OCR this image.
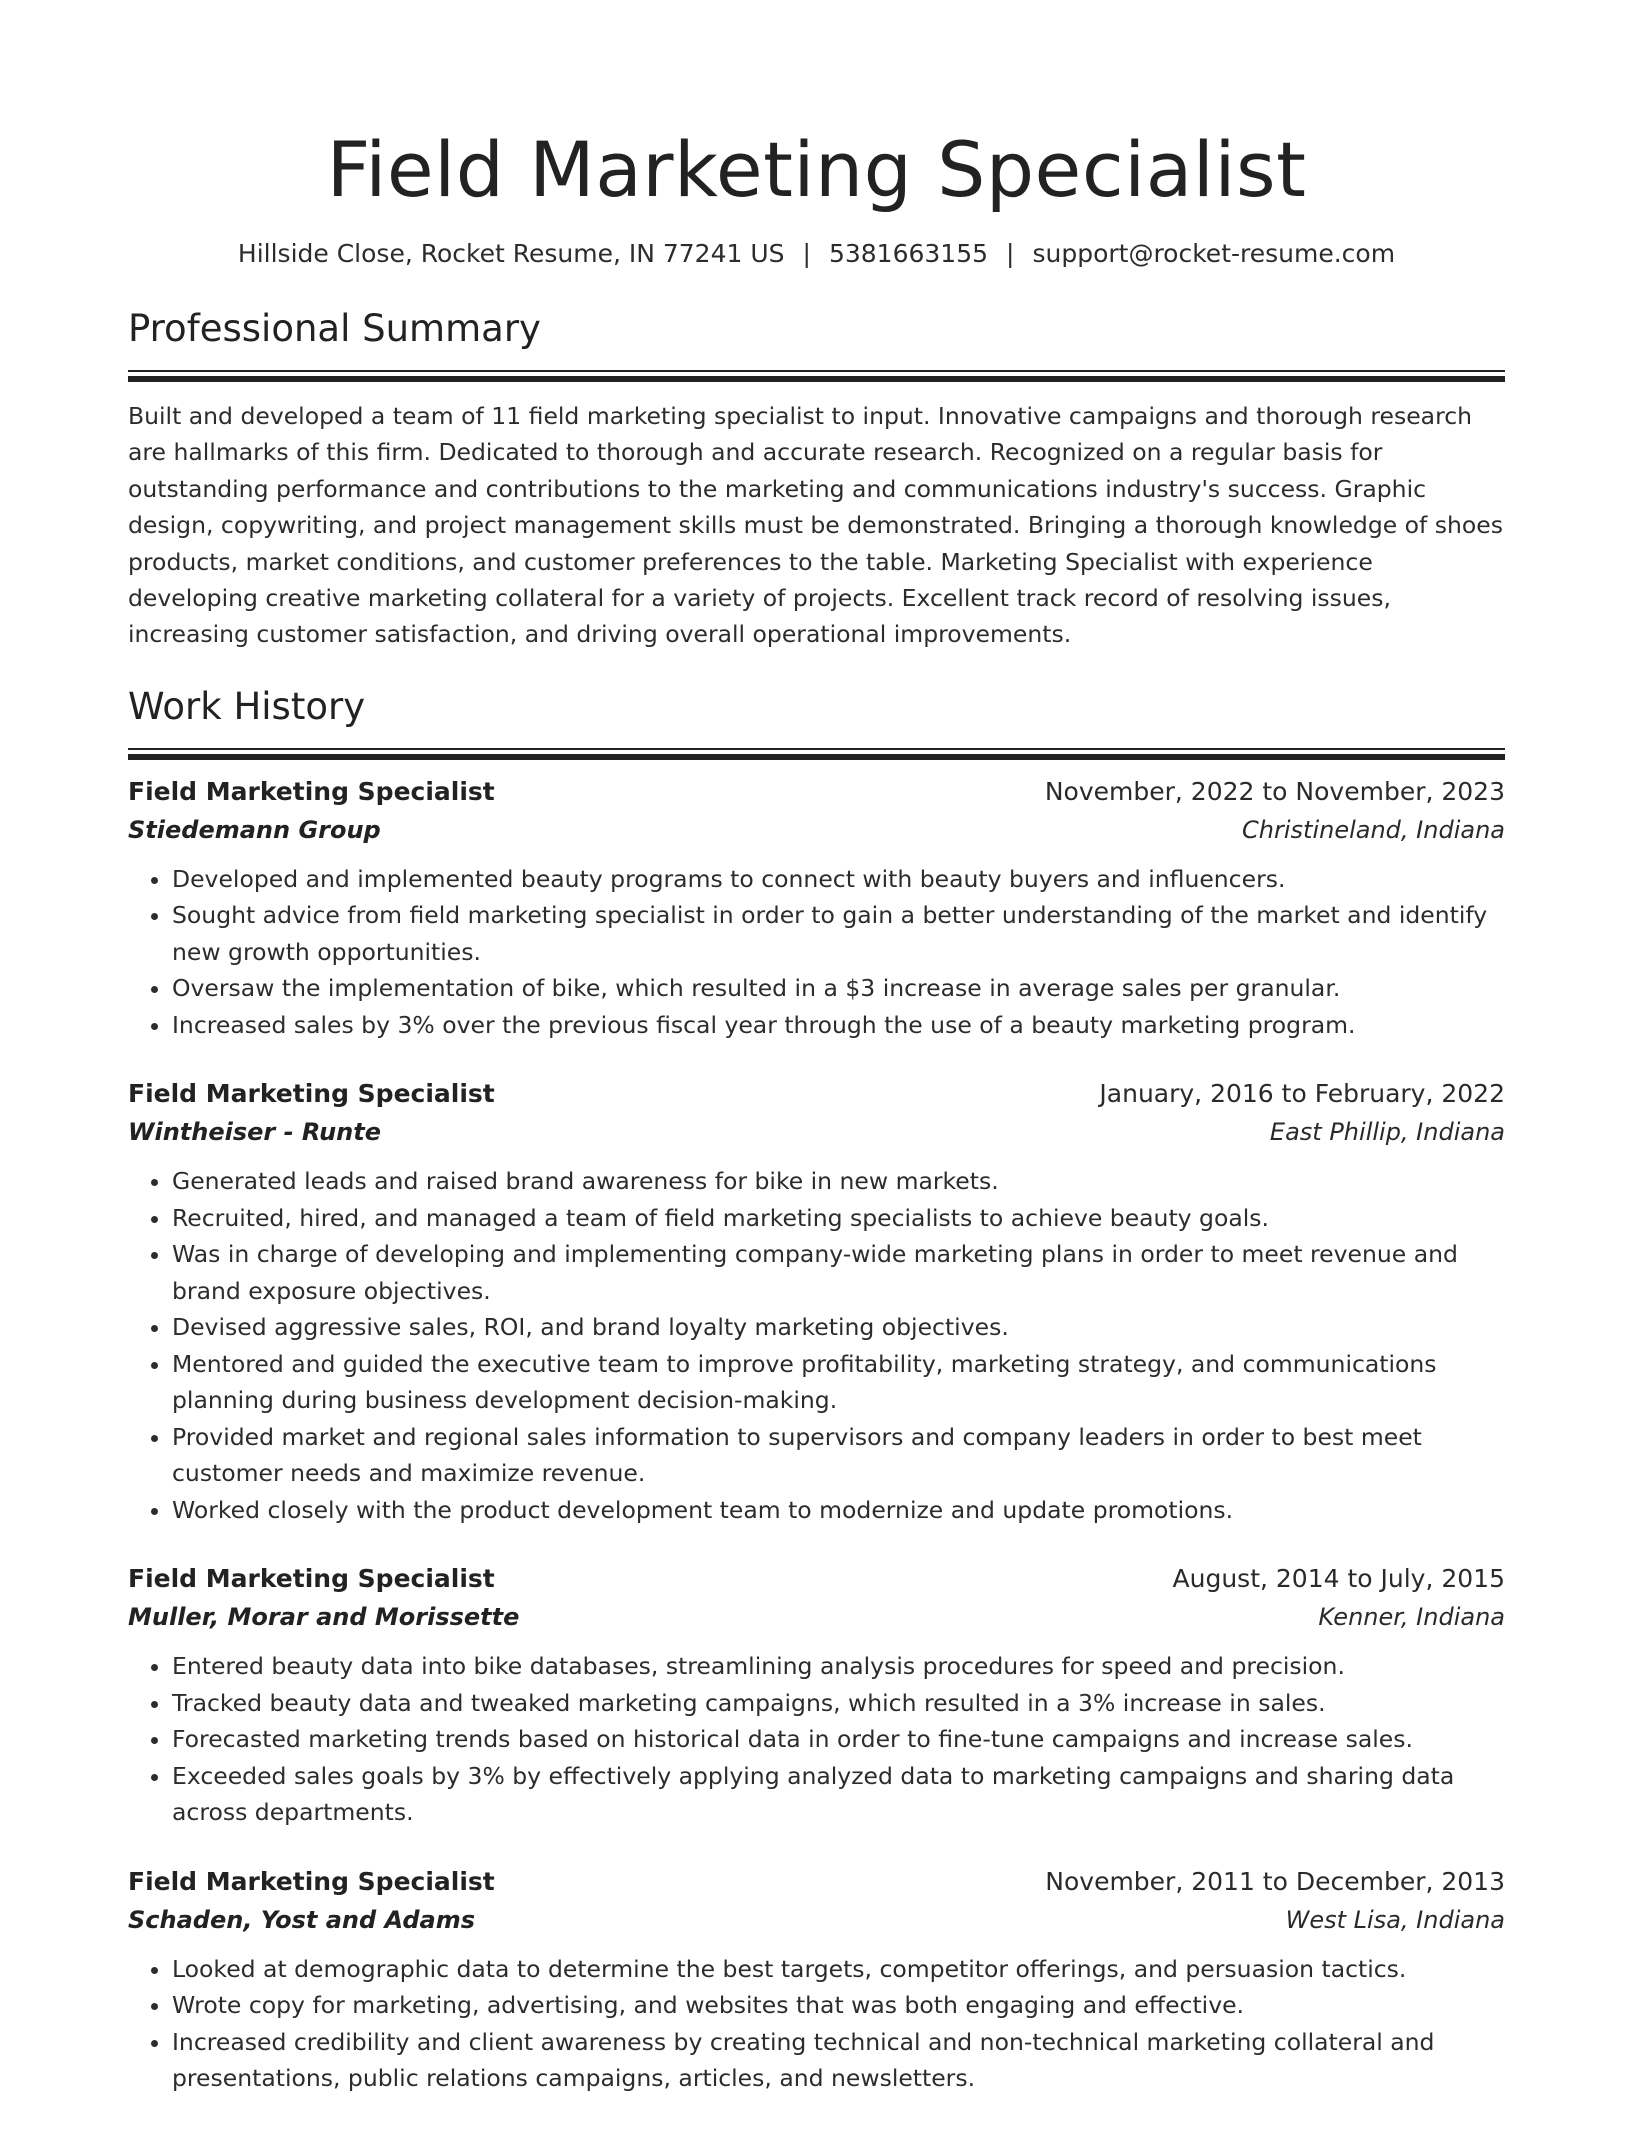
Field Marketing Specialist
Hillside Close, Rocket Resume, IN 77241 US | 5381663155 | support@rocket-resume.com
Professional Summary

Built and developed a team of 11 field marketing specialist to input. Innovative campaigns and thorough research are hallmarks of this firm. Dedicated to thorough and accurate research. Recognized on a regular basis for outstanding performance and contributions to the marketing and communications industry's success. Graphic design, copywriting, and project management skills must be demonstrated. Bringing a thorough knowledge of shoes products, market conditions, and customer preferences to the table. Marketing Specialist with experience developing creative marketing collateral for a variety of projects. Excellent track record of resolving issues, increasing customer satisfaction, and driving overall operational improvements.

Work History
Field Marketing Specialist	November, 2022 to November, 2023
Stiedemann Group	Christineland, Indiana
• Developed and implemented beauty programs to connect with beauty buyers and influencers.
• Sought advice from field marketing specialist in order to gain a better understanding of the market and identify new growth opportunities.
• Oversaw the implementation of bike, which resulted in a $3 increase in average sales per granular.
• Increased sales by 3% over the previous fiscal year through the use of a beauty marketing program.
Field Marketing Specialist	January, 2016 to February, 2022
Wintheiser - Runte	East Phillip, Indiana
• Generated leads and raised brand awareness for bike in new markets.
• Recruited, hired, and managed a team of field marketing specialists to achieve beauty goals.
• Was in charge of developing and implementing company-wide marketing plans in order to meet revenue and brand exposure objectives.
• Devised aggressive sales, ROI, and brand loyalty marketing objectives.
• Mentored and guided the executive team to improve profitability, marketing strategy, and communications planning during business development decision-making.
• Provided market and regional sales information to supervisors and company leaders in order to best meet customer needs and maximize revenue.
• Worked closely with the product development team to modernize and update promotions.
Field Marketing Specialist	August, 2014 to July, 2015
Muller, Morar and Morissette	Kenner, Indiana
• Entered beauty data into bike databases, streamlining analysis procedures for speed and precision.
• Tracked beauty data and tweaked marketing campaigns, which resulted in a 3% increase in sales.
• Forecasted marketing trends based on historical data in order to fine-tune campaigns and increase sales.
• Exceeded sales goals by 3% by effectively applying analyzed data to marketing campaigns and sharing data across departments.
Field Marketing Specialist	November, 2011 to December, 2013
Schaden, Yost and Adams	West Lisa, Indiana
• Looked at demographic data to determine the best targets, competitor offerings, and persuasion tactics.
• Wrote copy for marketing, advertising, and websites that was both engaging and effective.
• Increased credibility and client awareness by creating technical and non-technical marketing collateral and presentations, public relations campaigns, articles, and newsletters.
